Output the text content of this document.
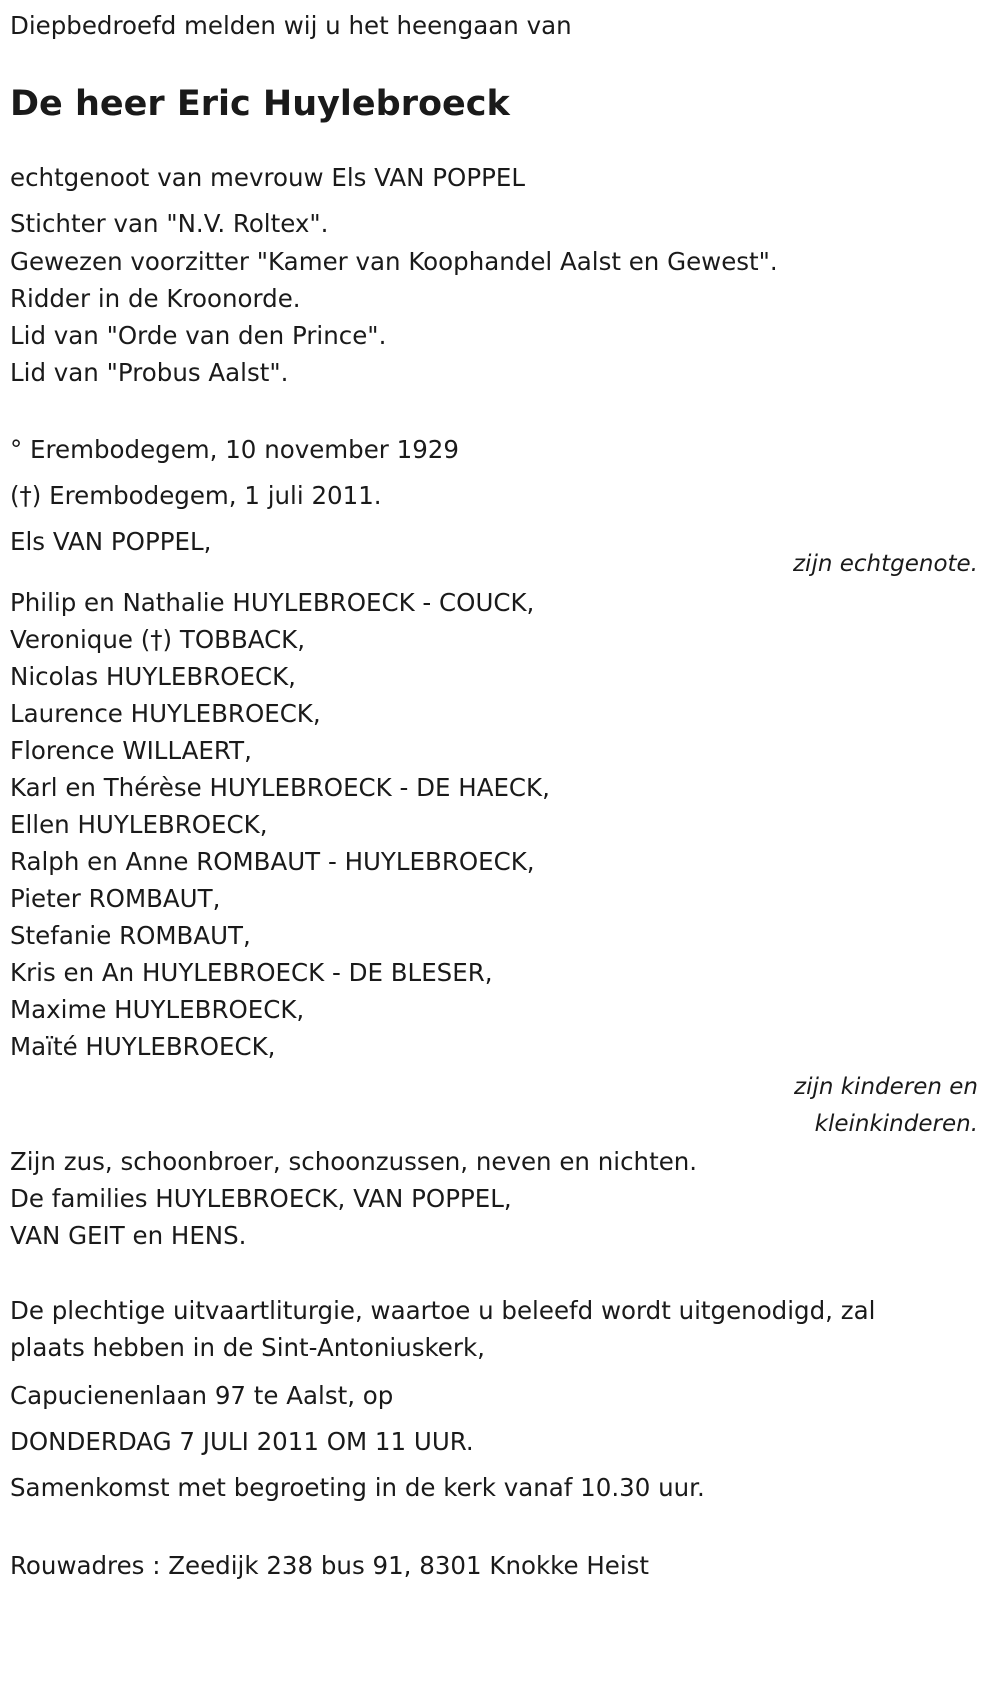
Diepbedroefd melden wij u het heengaan van
De heer Eric Huylebroeck
echtgenoot van mevrouw Els VAN POPPEL
Stichter van "N.V. Roltex".
Gewezen voorzitter "Kamer van Koophandel Aalst en Gewest".
Ridder in de Kroonorde.
Lid van "Orde van den Prince".
Lid van "Probus Aalst".
° Erembodegem, 10 november 1929
(†) Erembodegem, 1 juli 2011.
Els VAN POPPEL,
zijn echtgenote.
Philip en Nathalie HUYLEBROECK - COUCK,
Veronique (†) TOBBACK,
Nicolas HUYLEBROECK,
Laurence HUYLEBROECK,
Florence WILLAERT,
Karl en Thérèse HUYLEBROECK - DE HAECK,
Ellen HUYLEBROECK,
Ralph en Anne ROMBAUT - HUYLEBROECK,
Pieter ROMBAUT,
Stefanie ROMBAUT,
Kris en An HUYLEBROECK - DE BLESER,
Maxime HUYLEBROECK,
Maïté HUYLEBROECK,
zijn kinderen en
kleinkinderen.
Zijn zus, schoonbroer, schoonzussen, neven en nichten.
De families HUYLEBROECK, VAN POPPEL,
VAN GEIT en HENS.
De plechtige uitvaartliturgie, waartoe u beleefd wordt uitgenodigd, zal
plaats hebben in de Sint-Antoniuskerk,
Capucienenlaan 97 te Aalst, op
DONDERDAG 7 JULI 2011 OM 11 UUR.
Samenkomst met begroeting in de kerk vanaf 10.30 uur.
Rouwadres : Zeedijk 238 bus 91, 8301 Knokke Heist
